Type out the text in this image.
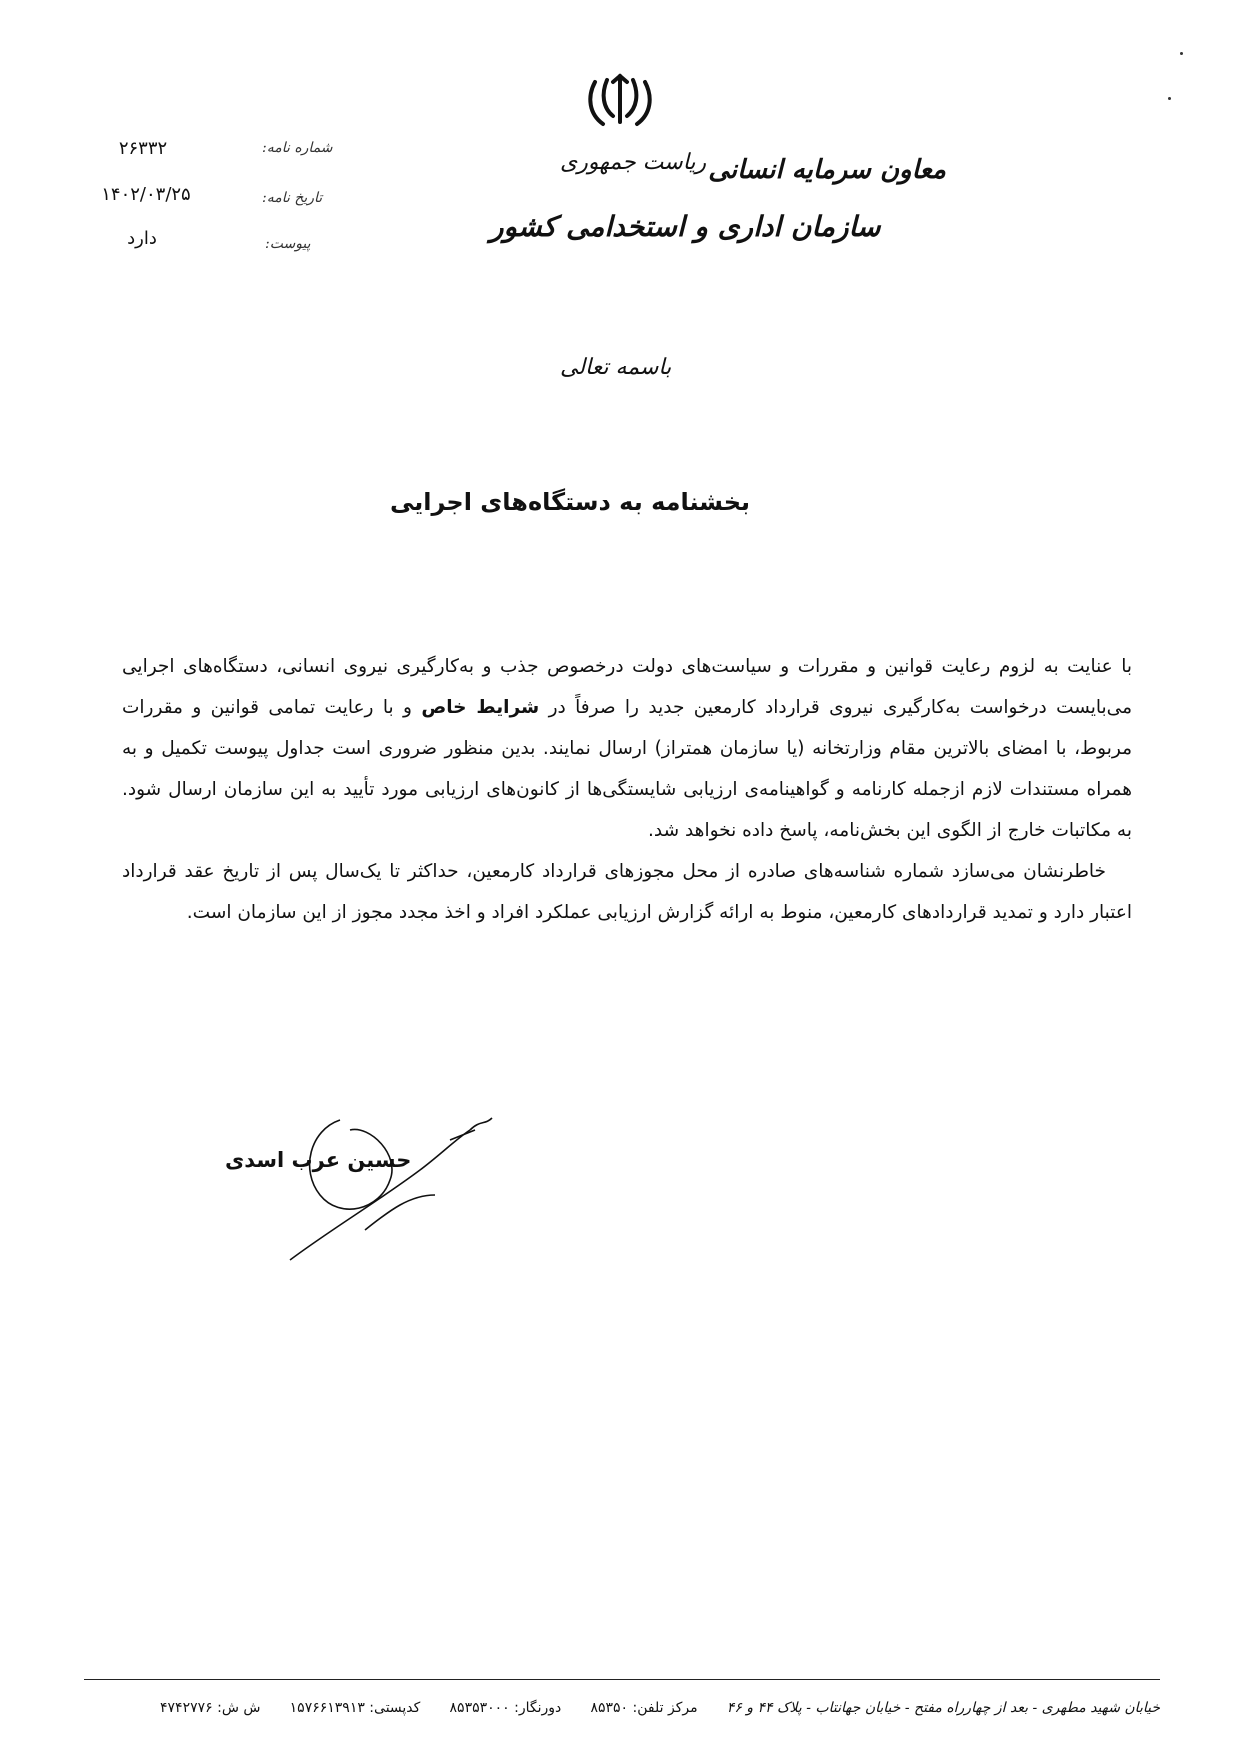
معاون سرمایه انسانی
ریاست جمهوری
سازمان اداری و استخدامی کشور
شماره نامه:
تاریخ نامه:
پیوست:
۲۶۳۳۲
۱۴۰۲/۰۳/۲۵
دارد
باسمه تعالی
بخشنامه به دستگاه‌های اجرایی

با عنایت به لزوم رعایت قوانین و مقررات و سیاست‌های دولت درخصوص جذب و به‌کارگیری نیروی انسانی، دستگاه‌های اجرایی می‌بایست درخواست به‌کارگیری نیروی قرارداد کارمعین جدید را صرفاً در شرایط خاص و با رعایت تمامی قوانین و مقررات مربوط، با امضای بالاترین مقام وزارتخانه (یا سازمان همتراز) ارسال نمایند. بدین منظور ضروری است جداول پیوست تکمیل و به همراه مستندات لازم ازجمله کارنامه و گواهینامه‌ی ارزیابی شایستگی‌ها از کانون‌های ارزیابی مورد تأیید به این سازمان ارسال شود. به مکاتبات خارج از الگوی این بخش‌نامه، پاسخ داده نخواهد شد.

خاطرنشان می‌سازد شماره شناسه‌های صادره از محل مجوزهای قرارداد کارمعین، حداکثر تا یک‌سال پس از تاریخ عقد قرارداد اعتبار دارد و تمدید قراردادهای کارمعین، منوط به ارائه گزارش ارزیابی عملکرد افراد و اخذ مجدد مجوز از این سازمان است.

حسین عرب اسدی
خیابان شهید مطهری - بعد از چهارراه مفتح - خیابان جهانتاب - پلاک ۴۴ و ۴۶
مرکز تلفن: ۸۵۳۵۰
دورنگار: ۸۵۳۵۳۰۰۰
کدپستی: ۱۵۷۶۶۱۳۹۱۳
ش ش: ۴۷۴۲۷۷۶
